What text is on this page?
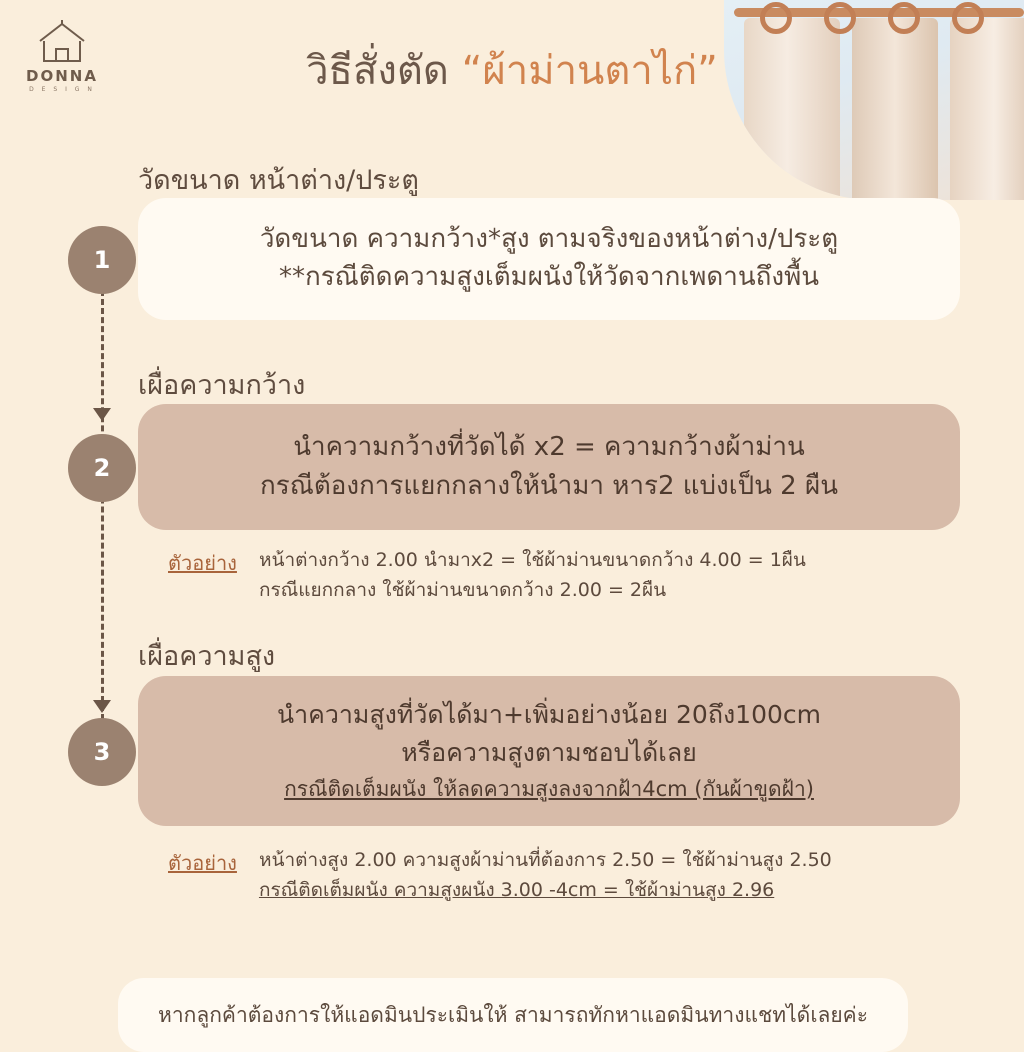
DONNA
D E S I G N	วิธีสั่งตัด “ผ้าม่านตาไก่”
1
วัดขนาด หน้าต่าง/ประตู
วัดขนาด ความกว้าง*สูง ตามจริงของหน้าต่าง/ประตู
**กรณีติดความสูงเต็มผนังให้วัดจากเพดานถึงพื้น
2
เผื่อความกว้าง
นำความกว้างที่วัดได้ x2 = ความกว้างผ้าม่าน
กรณีต้องการแยกกลางให้นำมา หาร2 แบ่งเป็น 2 ผืน
ตัวอย่าง หน้าต่างกว้าง 2.00 นำมาx2 = ใช้ผ้าม่านขนาดกว้าง 4.00 = 1ผืน
กรณีแยกกลาง ใช้ผ้าม่านขนาดกว้าง 2.00 = 2ผืน
3
เผื่อความสูง
นำความสูงที่วัดได้มา+เพิ่มอย่างน้อย 20ถึง100cm
หรือความสูงตามชอบได้เลย
กรณีติดเต็มผนัง ให้ลดความสูงลงจากฝ้า4cm (กันผ้าขูดฝ้า)
ตัวอย่าง หน้าต่างสูง 2.00 ความสูงผ้าม่านที่ต้องการ 2.50 = ใช้ผ้าม่านสูง 2.50
กรณีติดเต็มผนัง ความสูงผนัง 3.00 -4cm = ใช้ผ้าม่านสูง 2.96
หากลูกค้าต้องการให้แอดมินประเมินให้ สามารถทักหาแอดมินทางแชทได้เลยค่ะ
